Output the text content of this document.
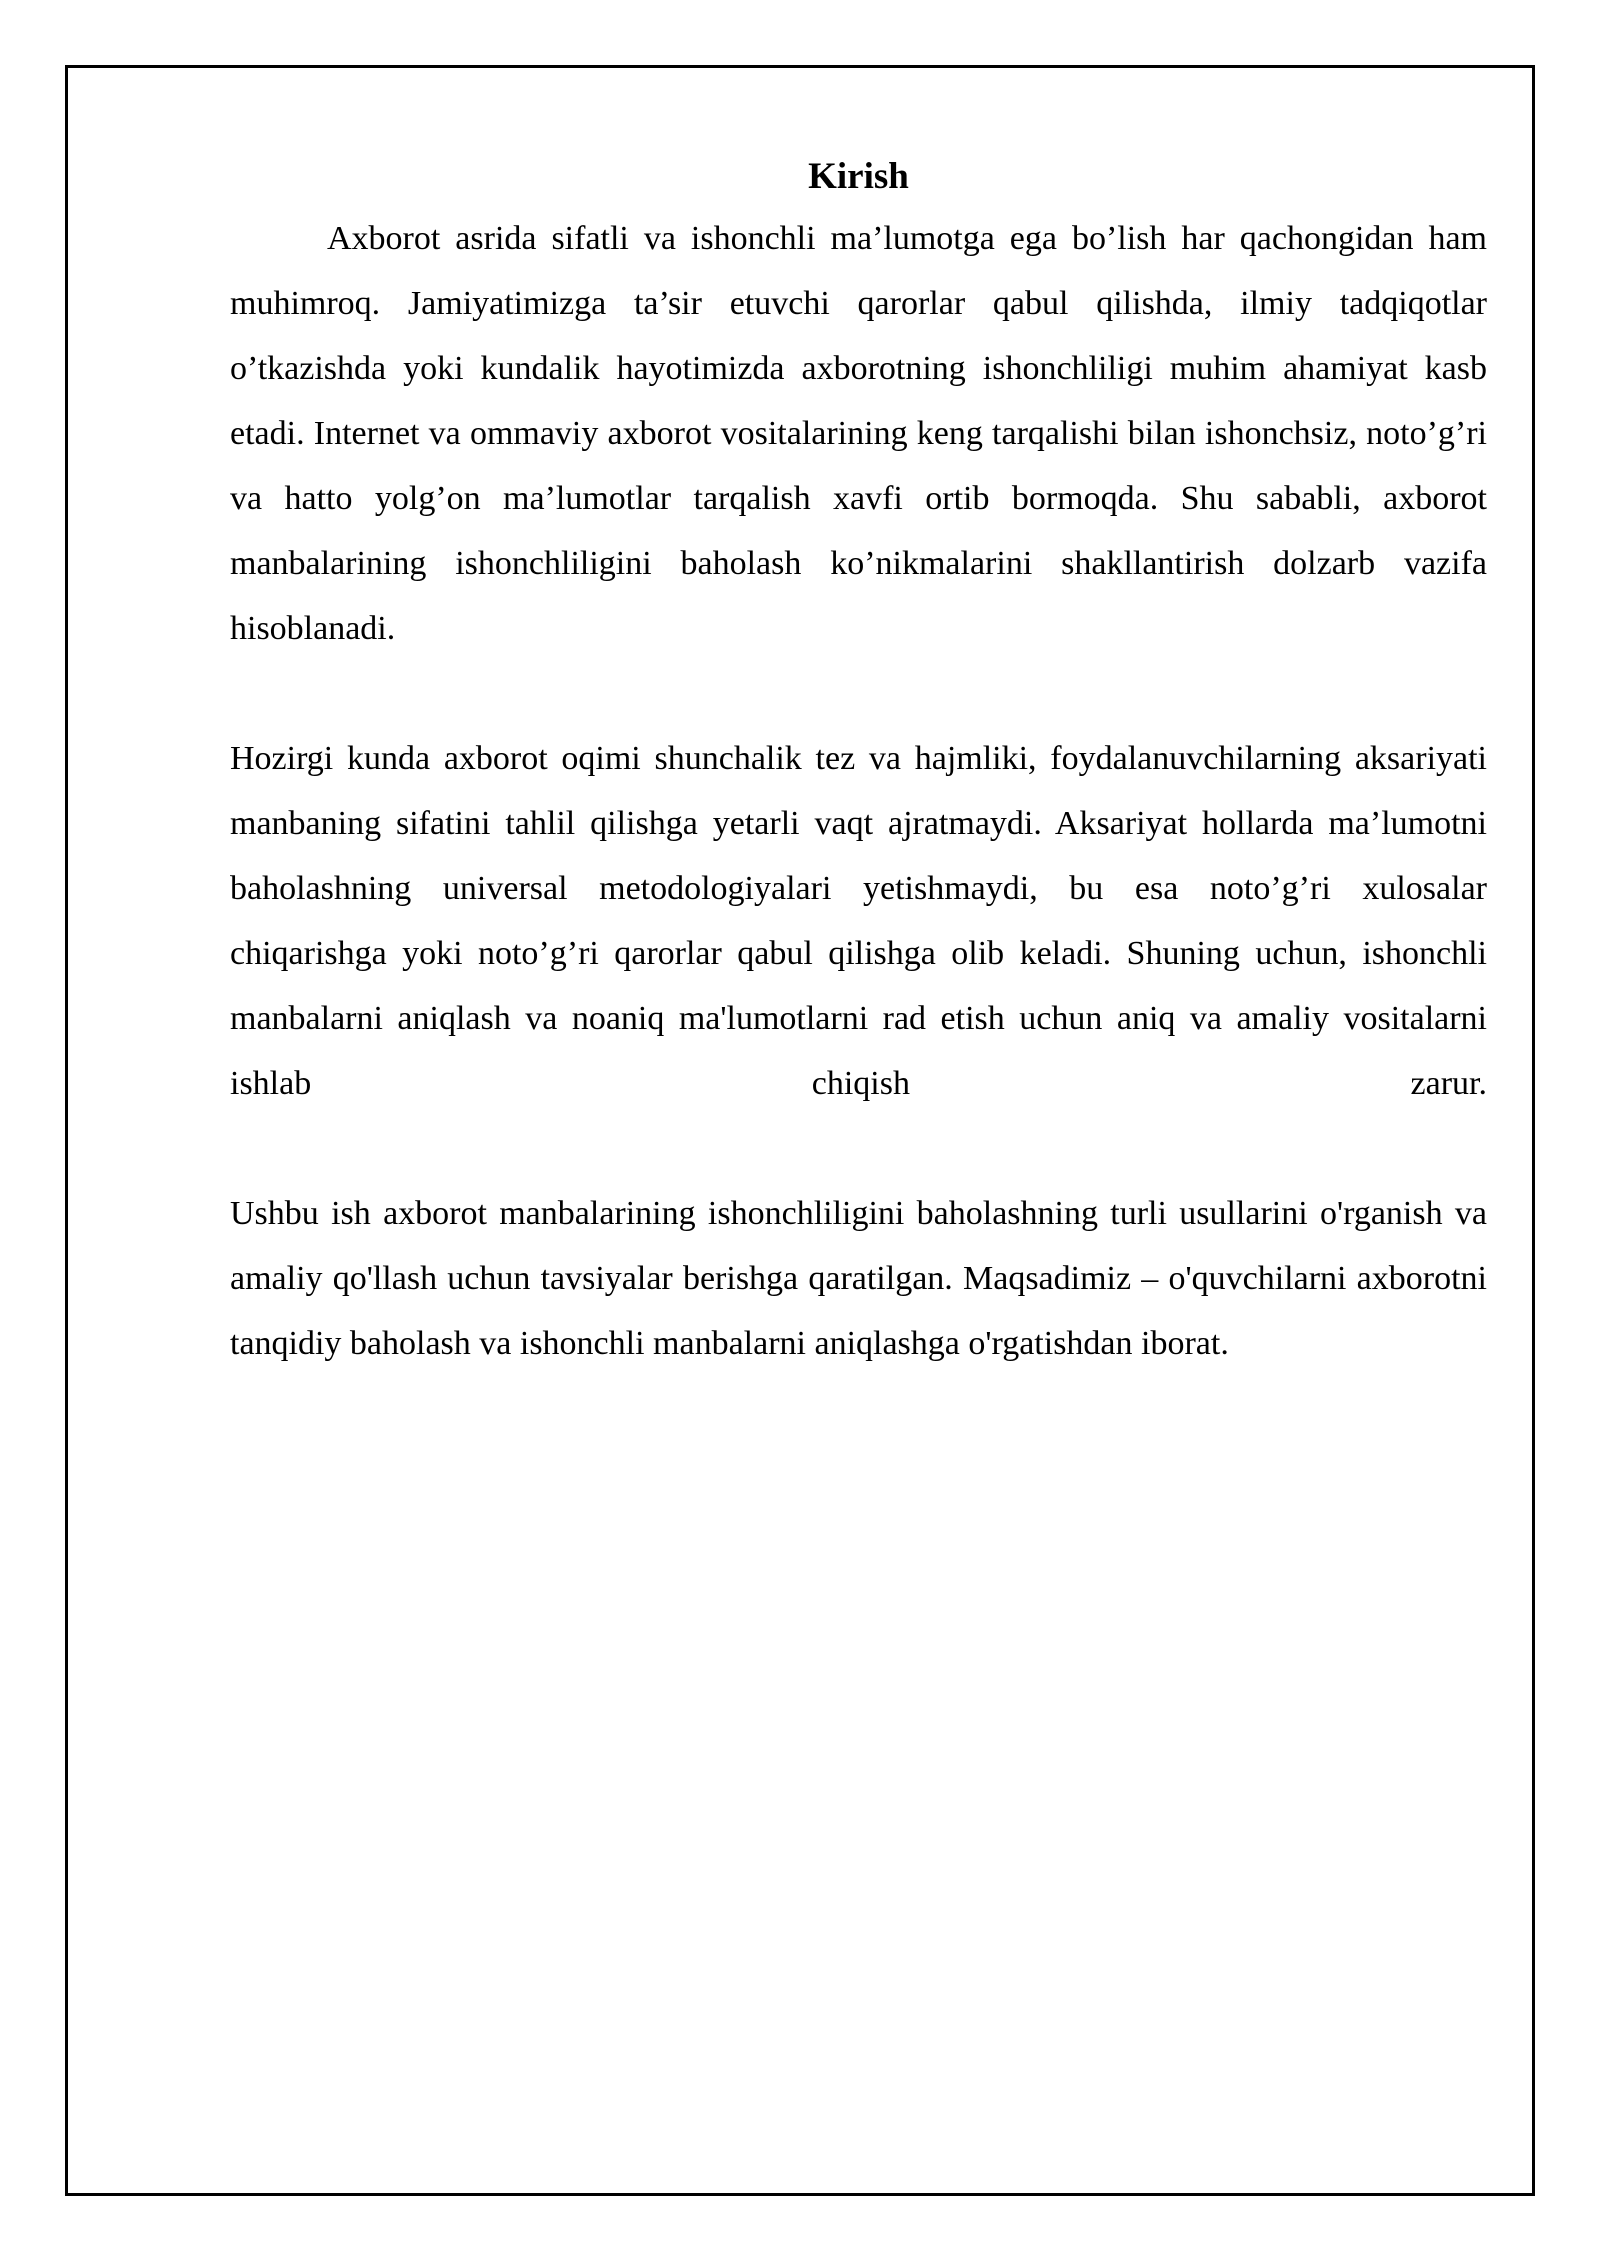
Kirish

Axborot asrida sifatli va ishonchli ma’lumotga ega bo’lish har qachongidan ham muhimroq. Jamiyatimizga ta’sir etuvchi qarorlar qabul qilishda, ilmiy tadqiqotlar o’tkazishda yoki kundalik hayotimizda axborotning ishonchliligi muhim ahamiyat kasb etadi. Internet va ommaviy axborot vositalarining keng tarqalishi bilan ishonchsiz, noto’g’ri va hatto yolg’on ma’lumotlar tarqalish xavfi ortib bormoqda. Shu sababli, axborot manbalarining ishonchliligini baholash ko’nikmalarini shakllantirish dolzarb vazifa hisoblanadi.

Hozirgi kunda axborot oqimi shunchalik tez va hajmliki, foydalanuvchilarning aksariyati manbaning sifatini tahlil qilishga yetarli vaqt ajratmaydi. Aksariyat hollarda ma’lumotni baholashning universal metodologiyalari yetishmaydi, bu esa noto’g’ri xulosalar chiqarishga yoki noto’g’ri qarorlar qabul qilishga olib keladi. Shuning uchun, ishonchli manbalarni aniqlash va noaniq ma'lumotlarni rad etish uchun aniq va amaliy vositalarni ishlab chiqish zarur.

Ushbu ish axborot manbalarining ishonchliligini baholashning turli usullarini o'rganish va amaliy qo'llash uchun tavsiyalar berishga qaratilgan. Maqsadimiz – o'quvchilarni axborotni tanqidiy baholash va ishonchli manbalarni aniqlashga o'rgatishdan iborat.
